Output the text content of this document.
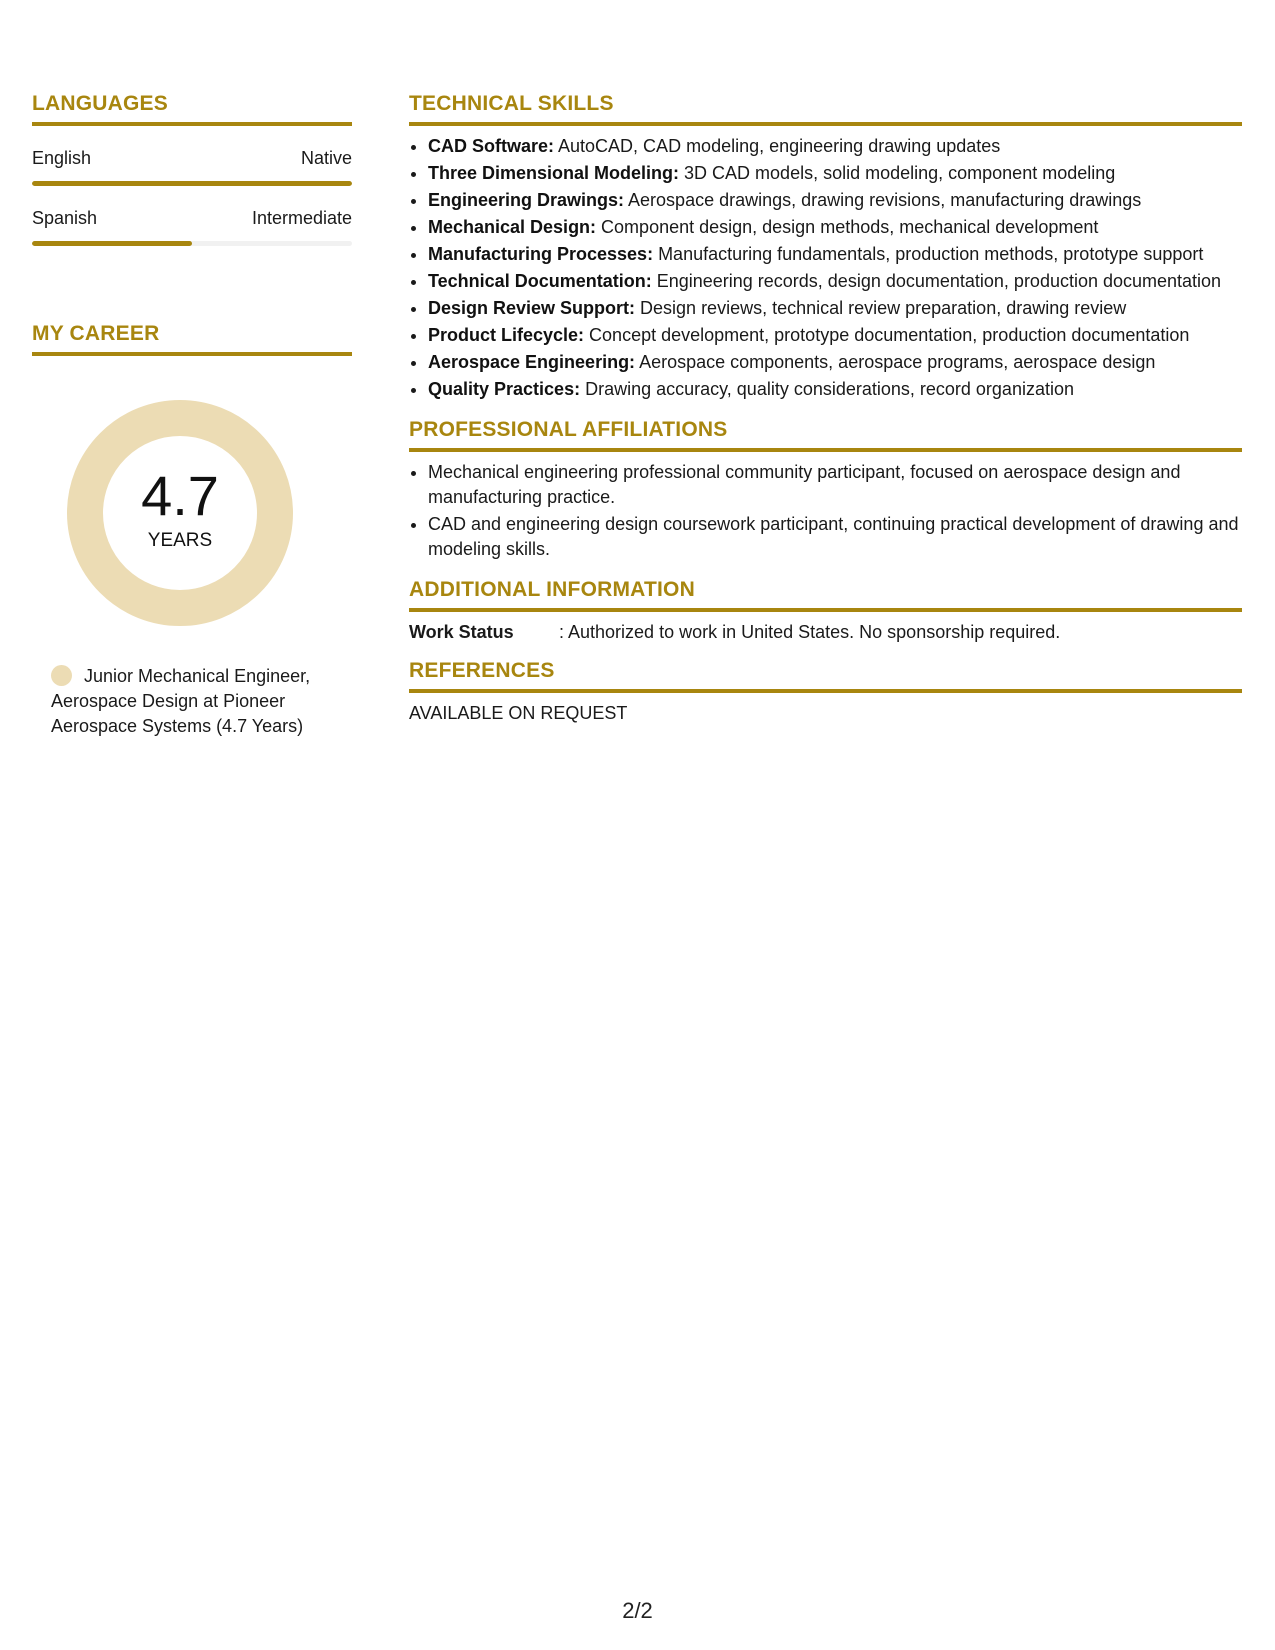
LANGUAGES
English	Native
Spanish	Intermediate
MY CAREER
4.7
YEARS
Junior Mechanical Engineer, Aerospace Design at Pioneer Aerospace Systems (4.7 Years)
TECHNICAL SKILLS
• CAD Software: AutoCAD, CAD modeling, engineering drawing updates
• Three Dimensional Modeling: 3D CAD models, solid modeling, component modeling
• Engineering Drawings: Aerospace drawings, drawing revisions, manufacturing drawings
• Mechanical Design: Component design, design methods, mechanical development
• Manufacturing Processes: Manufacturing fundamentals, production methods, prototype support
• Technical Documentation: Engineering records, design documentation, production documentation
• Design Review Support: Design reviews, technical review preparation, drawing review
• Product Lifecycle: Concept development, prototype documentation, production documentation
• Aerospace Engineering: Aerospace components, aerospace programs, aerospace design
• Quality Practices: Drawing accuracy, quality considerations, record organization
PROFESSIONAL AFFILIATIONS
• Mechanical engineering professional community participant, focused on aerospace design and manufacturing practice.
• CAD and engineering design coursework participant, continuing practical development of drawing and modeling skills.
ADDITIONAL INFORMATION
Work Status	: Authorized to work in United States. No sponsorship required.
REFERENCES
AVAILABLE ON REQUEST
2/2
